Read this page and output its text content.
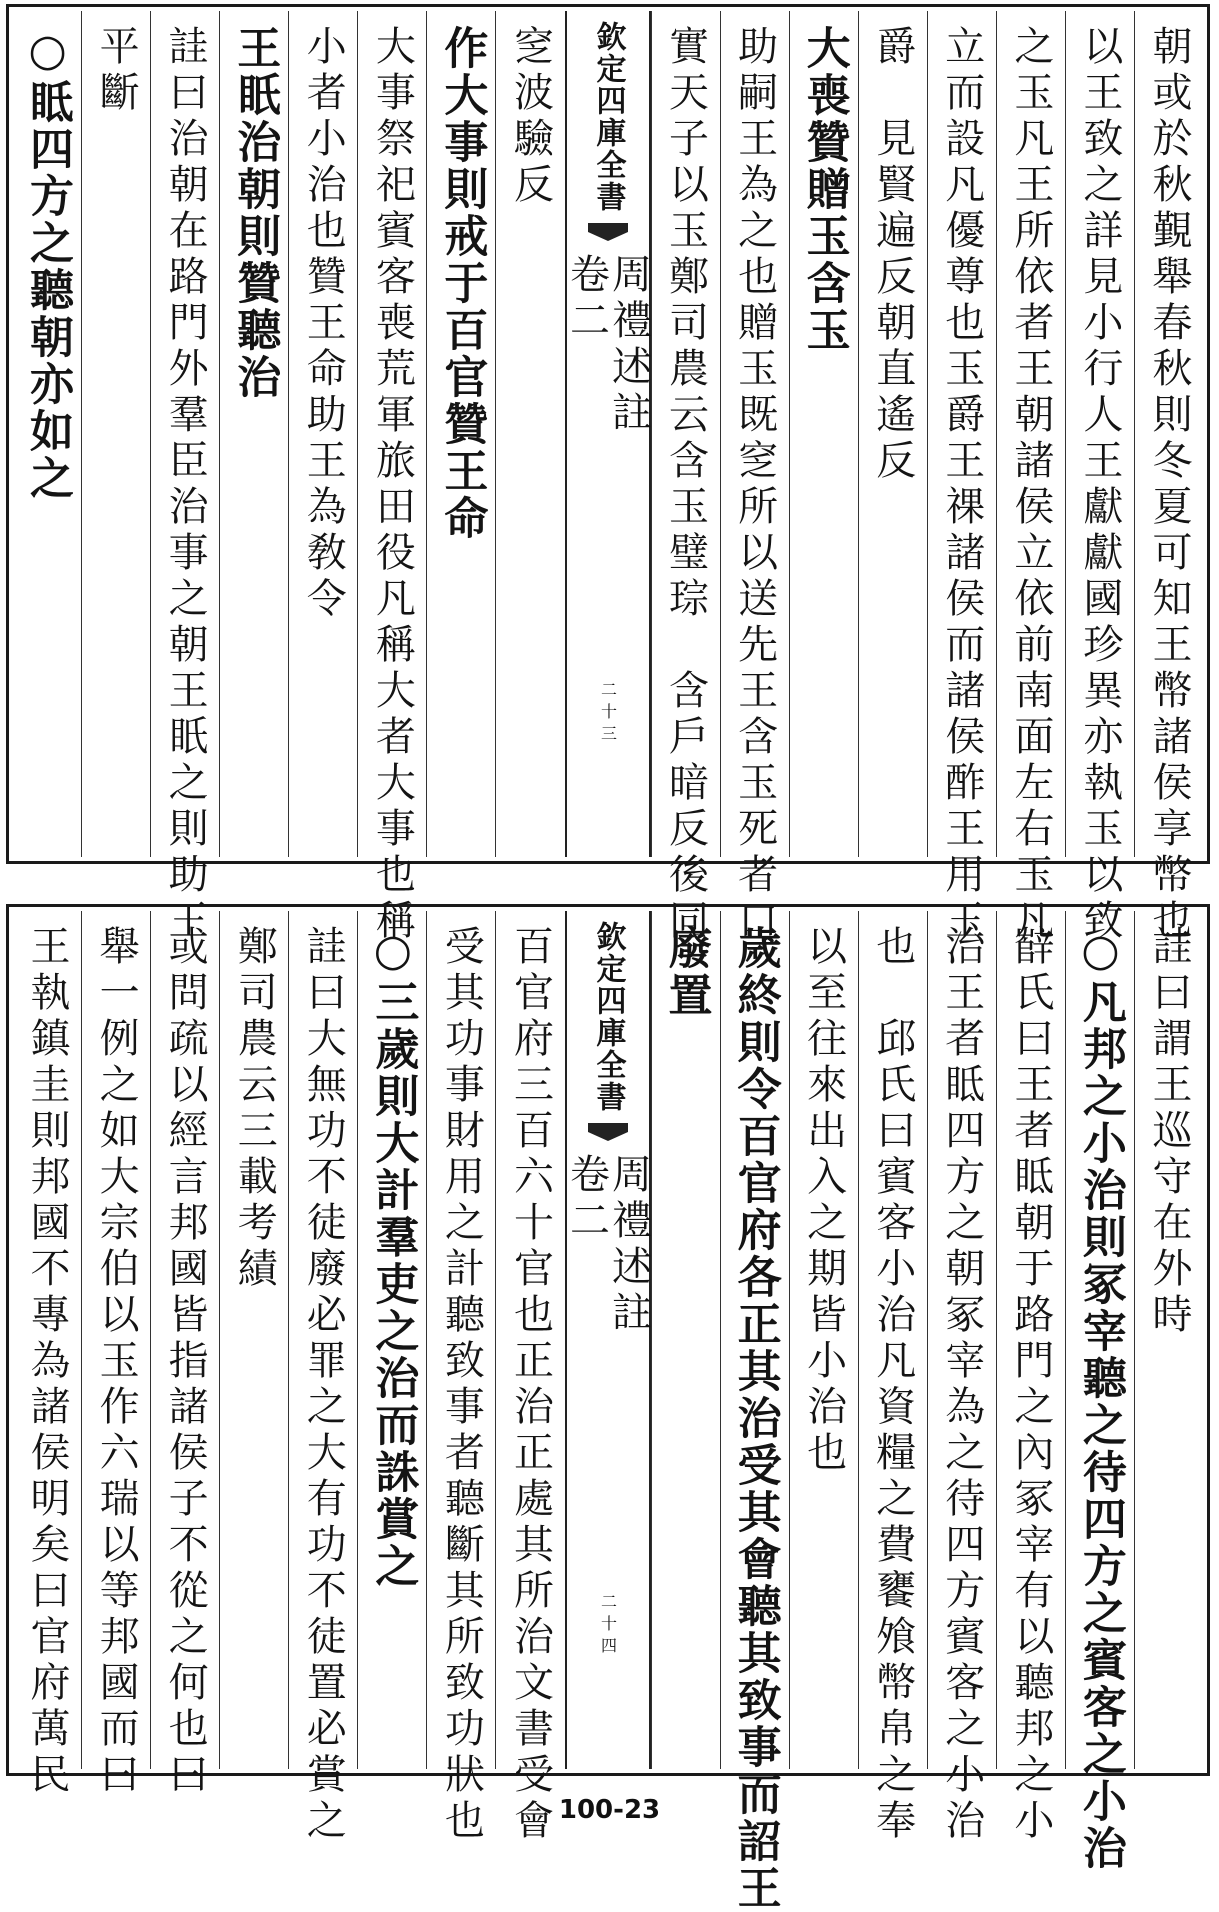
朝或於秋覲舉春秋則冬夏可知王幣諸侯享幣也
以王致之詳見小行人王獻獻國珍異亦執玉以致
之玉凡王所依者王朝諸侯立依前南面左右玉凡
立而設凡優尊也玉爵王祼諸侯而諸侯酢王用玉
爵　見賢遍反朝直遙反
大喪贊贈玉含玉
助嗣王為之也贈玉既窆所以送先王含玉死者口
實天子以玉鄭司農云含玉璧琮　含戶暗反後同
欽定四庫全書
周禮述註
卷二
二十三
窆波驗反
作大事則戒于百官贊王命
大事祭祀賓客喪荒軍旅田役凡稱大者大事也稱
小者小治也贊王命助王為敎令
王眂治朝則贊聽治
詿曰治朝在路門外羣臣治事之朝王眂之則助王
平斷
○眡四方之聽朝亦如之
詿曰謂王巡守在外時
○凡邦之小治則冢宰聽之待四方之賓客之小治
辥氏曰王者眡朝于路門之內冢宰有以聽邦之小
治王者眡四方之朝冢宰為之待四方賓客之小治
也　邱氏曰賓客小治凡資糧之費饔飧幣帛之奉
以至往來出入之期皆小治也
歲終則令百官府各正其治受其會聽其致事而詔王
廢置
欽定四庫全書
周禮述註
卷二
二十四
百官府三百六十官也正治正處其所治文書受會
受其功事財用之計聽致事者聽斷其所致功狀也
○三歲則大計羣吏之治而誅賞之
詿曰大無功不徒廢必罪之大有功不徒置必賞之
鄭司農云三載考績
或問疏以經言邦國皆指諸侯子不從之何也曰
舉一例之如大宗伯以玉作六瑞以等邦國而曰
王執鎮圭則邦國不專為諸侯明矣曰官府萬民
100-23
